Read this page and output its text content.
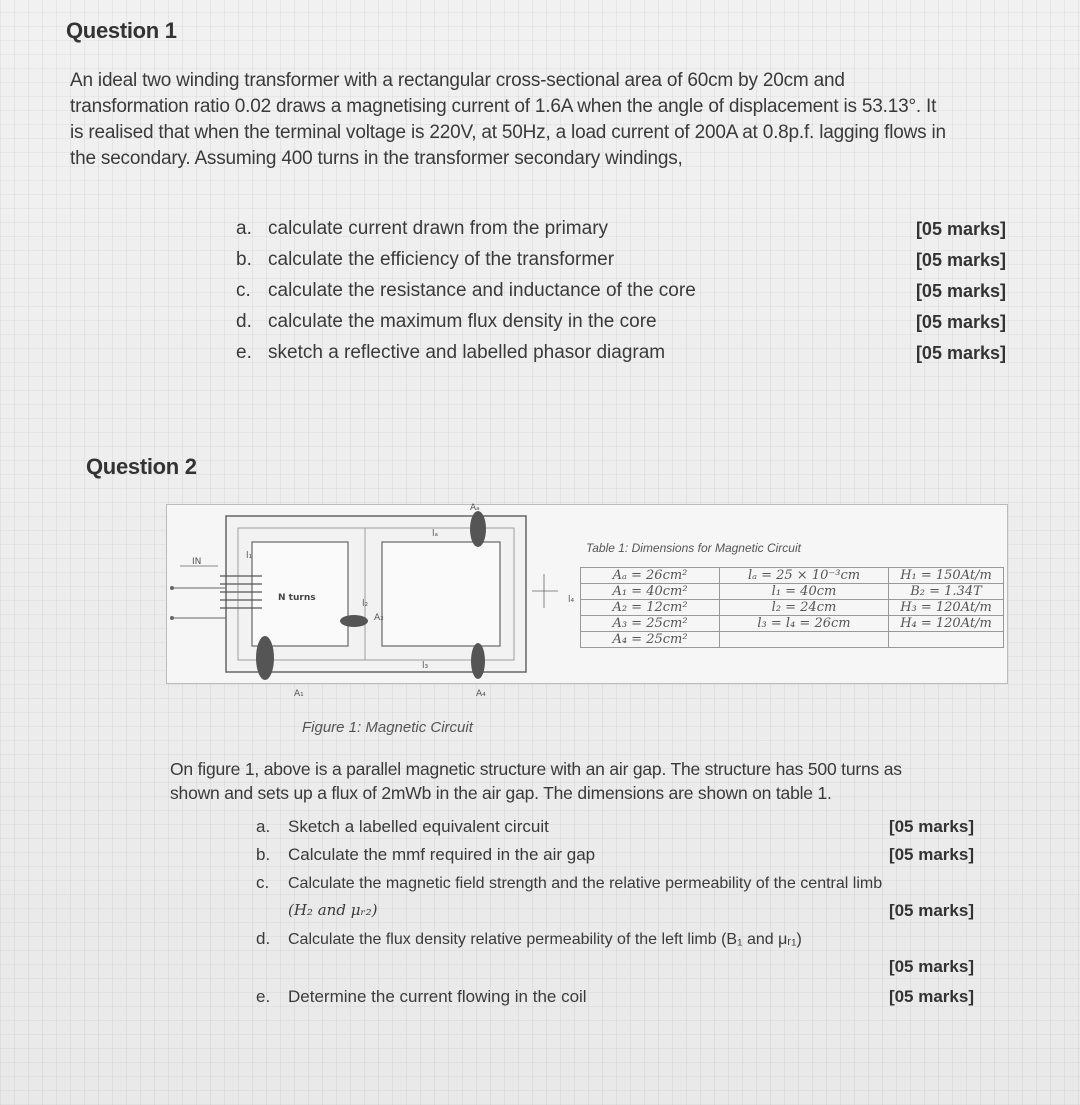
Question 1
An ideal two winding transformer with a rectangular cross-sectional area of 60cm by 20cm and
transformation ratio 0.02 draws a magnetising current of 1.6A when the angle of displacement is 53.13°. It
is realised that when the terminal voltage is 220V, at 50Hz, a load current of 200A at 0.8p.f. lagging flows in
the secondary. Assuming 400 turns in the transformer secondary windings,
a. calculate current drawn from the primary	[05 marks]
b. calculate the efficiency of the transformer	[05 marks]
c. calculate the resistance and inductance of the core	[05 marks]
d. calculate the maximum flux density in the core	[05 marks]
e. sketch a reflective and labelled phasor diagram	[05 marks]
Question 2
IN
N turns
A₁	A₄
Aₐ
A₂
lₐ
l₁
l₂
l₃
l₄
Table 1: Dimensions for Magnetic Circuit
Aₐ = 26cm²	lₐ = 25 × 10⁻³cm	H₁ = 150At/m
A₁ = 40cm²	l₁ = 40cm	B₂ = 1.34T
A₂ = 12cm²	l₂ = 24cm	H₃ = 120At/m
A₃ = 25cm²	l₃ = l₄ = 26cm	H₄ = 120At/m
A₄ = 25cm²		
Figure 1: Magnetic Circuit
On figure 1, above is a parallel magnetic structure with an air gap. The structure has 500 turns as
shown and sets up a flux of 2mWb in the air gap. The dimensions are shown on table 1.
a. Sketch a labelled equivalent circuit	[05 marks]
b. Calculate the mmf required in the air gap	[05 marks]
c. Calculate the magnetic field strength and the relative permeability of the central limb
(H₂ and μᵣ₂)	[05 marks]
d. Calculate the flux density relative permeability of the left limb (B₁ and μᵣ₁)
[05 marks]
e. Determine the current flowing in the coil	[05 marks]
